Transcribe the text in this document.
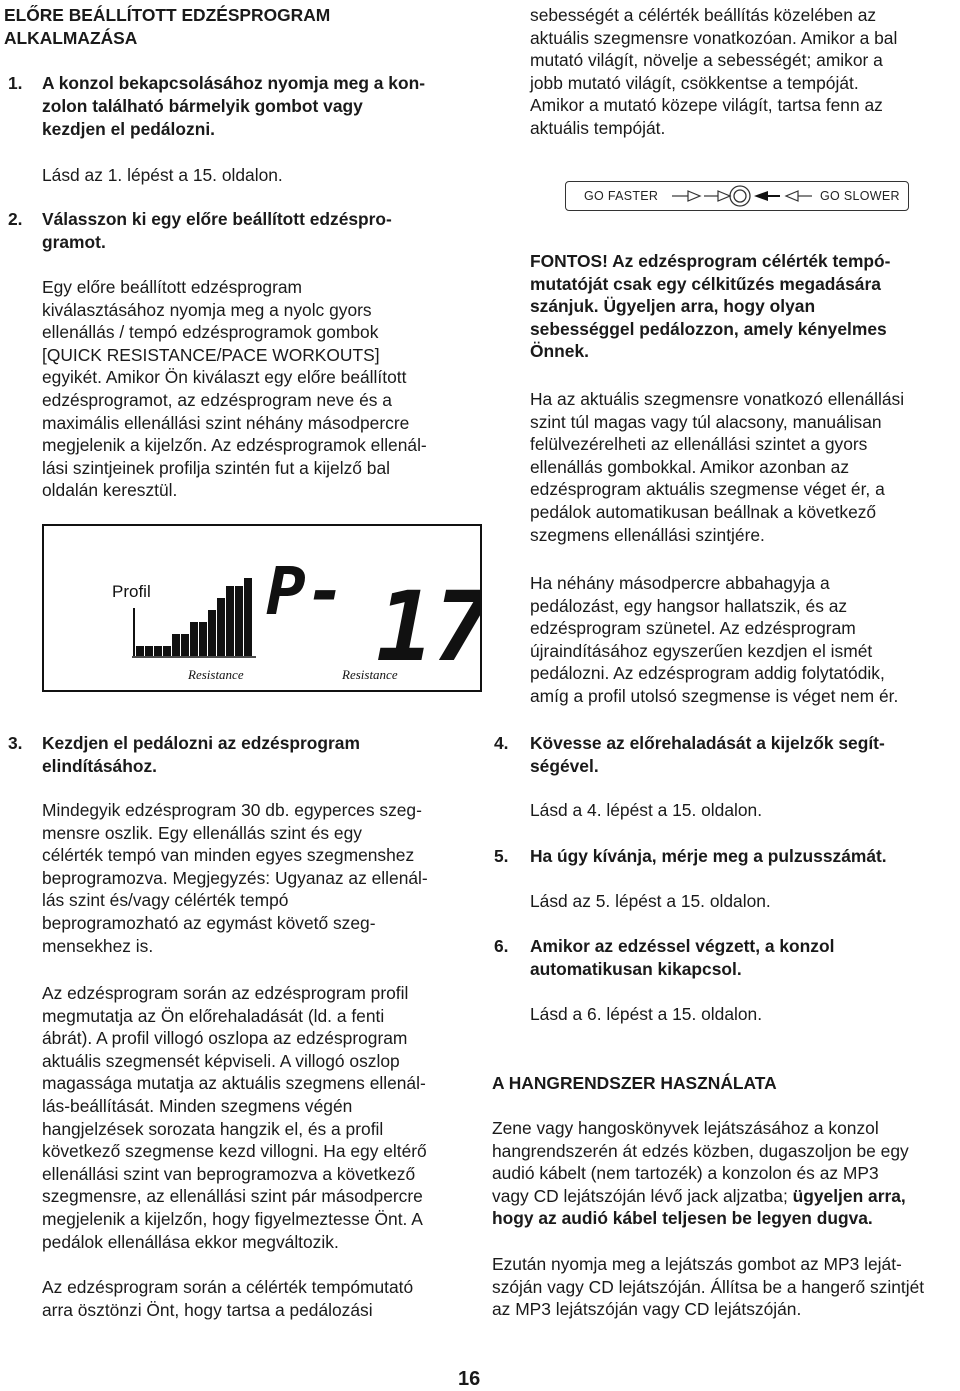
ELŐRE BEÁLLÍTOTT EDZÉSPROGRAM

ALKALMAZÁSA

1. A konzol bekapcsolásához nyomja meg a kon-

zolon található bármelyik gombot vagy

kezdjen el pedálozni.

Lásd az 1. lépést a 15. oldalon.

2. Válasszon ki egy előre beállított edzéspro-

gramot.

Egy előre beállított edzésprogram

kiválasztásához nyomja meg a nyolc gyors

ellenállás / tempó edzésprogramok gombok

[QUICK RESISTANCE/PACE WORKOUTS]

egyikét. Amikor Ön kiválaszt egy előre beállított

edzésprogramot, az edzésprogram neve és a

maximális ellenállási szint néhány másodpercre

megjelenik a kijelzőn. Az edzésprogramok ellenál-

lási szintjeinek profilja szintén fut a kijelző bal

oldalán keresztül.

3. Kezdjen el pedálozni az edzésprogram

elindításához.

Mindegyik edzésprogram 30 db. egyperces szeg-

mensre oszlik. Egy ellenállás szint és egy

célérték tempó van minden egyes szegmenshez

beprogramozva. Megjegyzés: Ugyanaz az ellenál-

lás szint és/vagy célérték tempó

beprogramozható az egymást követő szeg-

mensekhez is.

Az edzésprogram során az edzésprogram profil

megmutatja az Ön előrehaladását (ld. a fenti

ábrát). A profil villogó oszlopa az edzésprogram

aktuális szegmensét képviseli. A villogó oszlop

magassága mutatja az aktuális szegmens ellenál-

lás-beállítását. Minden szegmens végén

hangjelzések sorozata hangzik el, és a profil

következő szegmense kezd villogni. Ha egy eltérő

ellenállási szint van beprogramozva a következő

szegmensre, az ellenállási szint pár másodpercre

megjelenik a kijelzőn, hogy figyelmeztesse Önt. A

pedálok ellenállása ekkor megváltozik.

Az edzésprogram során a célérték tempómutató

arra ösztönzi Önt, hogy tartsa a pedálozási

Profil P- 1
Resistance	Resistance

sebességét a célérték beállítás közelében az

aktuális szegmensre vonatkozóan. Amikor a bal

mutató világít, növelje a sebességét; amikor a

jobb mutató világít, csökkentse a tempóját.

Amikor a mutató közepe világít, tartsa fenn az

aktuális tempóját.

FONTOS! Az edzésprogram célérték tempó-

mutatóját csak egy célkitűzés megadására

szánjuk. Ügyeljen arra, hogy olyan

sebességgel pedálozzon, amely kényelmes

Önnek.

Ha az aktuális szegmensre vonatkozó ellenállási

szint túl magas vagy túl alacsony, manuálisan

felülvezérelheti az ellenállási szintet a gyors

ellenállás gombokkal. Amikor azonban az

edzésprogram aktuális szegmense véget ér, a

pedálok automatikusan beállnak a következő

szegmens ellenállási szintjére.

Ha néhány másodpercre abbahagyja a

pedálozást, egy hangsor hallatszik, és az

edzésprogram szünetel. Az edzésprogram

újraindításához egyszerűen kezdjen el ismét

pedálozni. Az edzésprogram addig folytatódik,

amíg a profil utolsó szegmense is véget nem ér.

4. Kövesse az előrehaladását a kijelzők segít-

ségével.

Lásd a 4. lépést a 15. oldalon.

5. Ha úgy kívánja, mérje meg a pulzusszámát.

Lásd az 5. lépést a 15. oldalon.

6. Amikor az edzéssel végzett, a konzol

automatikusan kikapcsol.

Lásd a 6. lépést a 15. oldalon.

A HANGRENDSZER HASZNÁLATA

Zene vagy hangoskönyvek lejátszásához a konzol

hangrendszerén át edzés közben, dugaszoljon be egy

audió kábelt (nem tartozék) a konzolon és az MP3

vagy CD lejátszóján lévő jack aljzatba; ügyeljen arra,

hogy az audió kábel teljesen be legyen dugva.

Ezután nyomja meg a lejátszás gombot az MP3 leját-

szóján vagy CD lejátszóján. Állítsa be a hangerő szintjét

az MP3 lejátszóján vagy CD lejátszóján.

GO FASTER	GO SLOWER
16
